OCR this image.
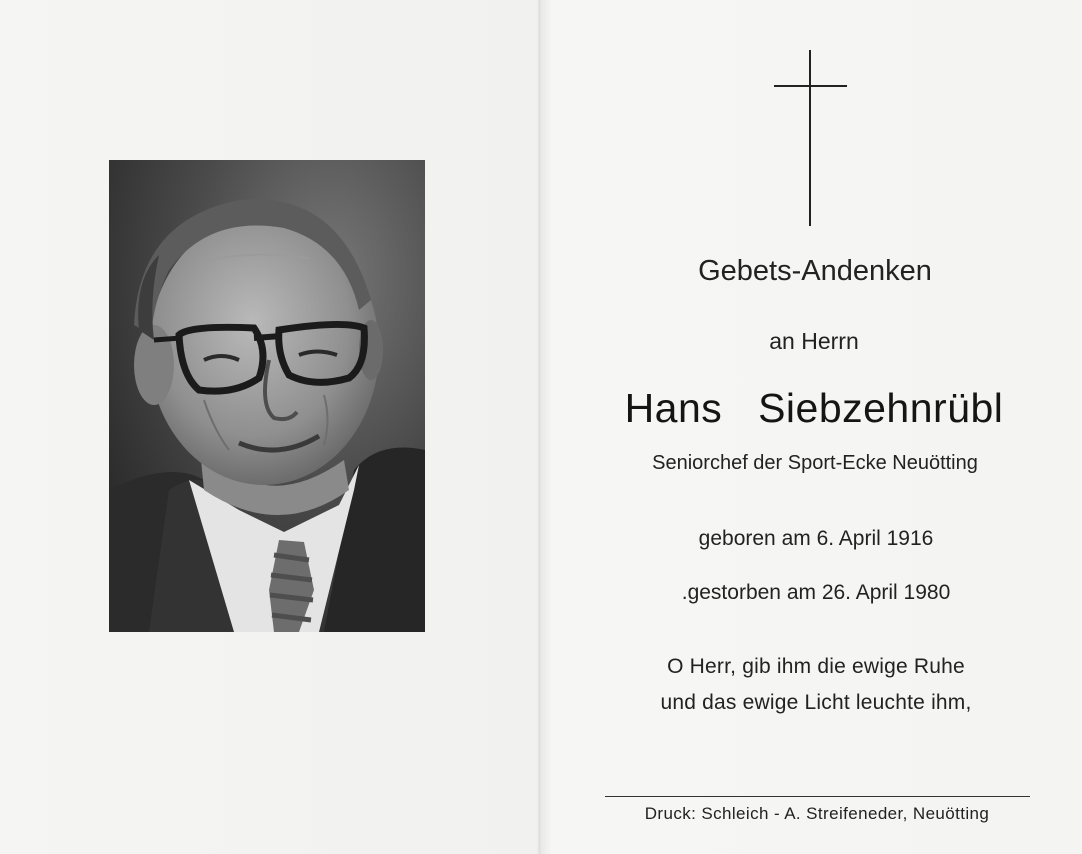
Gebets-Andenken
an Herrn
Hans  Siebzehnrübl
Seniorchef der Sport-Ecke Neuötting
geboren am 6. April 1916
.gestorben am 26. April 1980
O Herr, gib ihm die ewige Ruhe
und das ewige Licht leuchte ihm,
Druck: Schleich - A. Streifeneder, Neuötting
